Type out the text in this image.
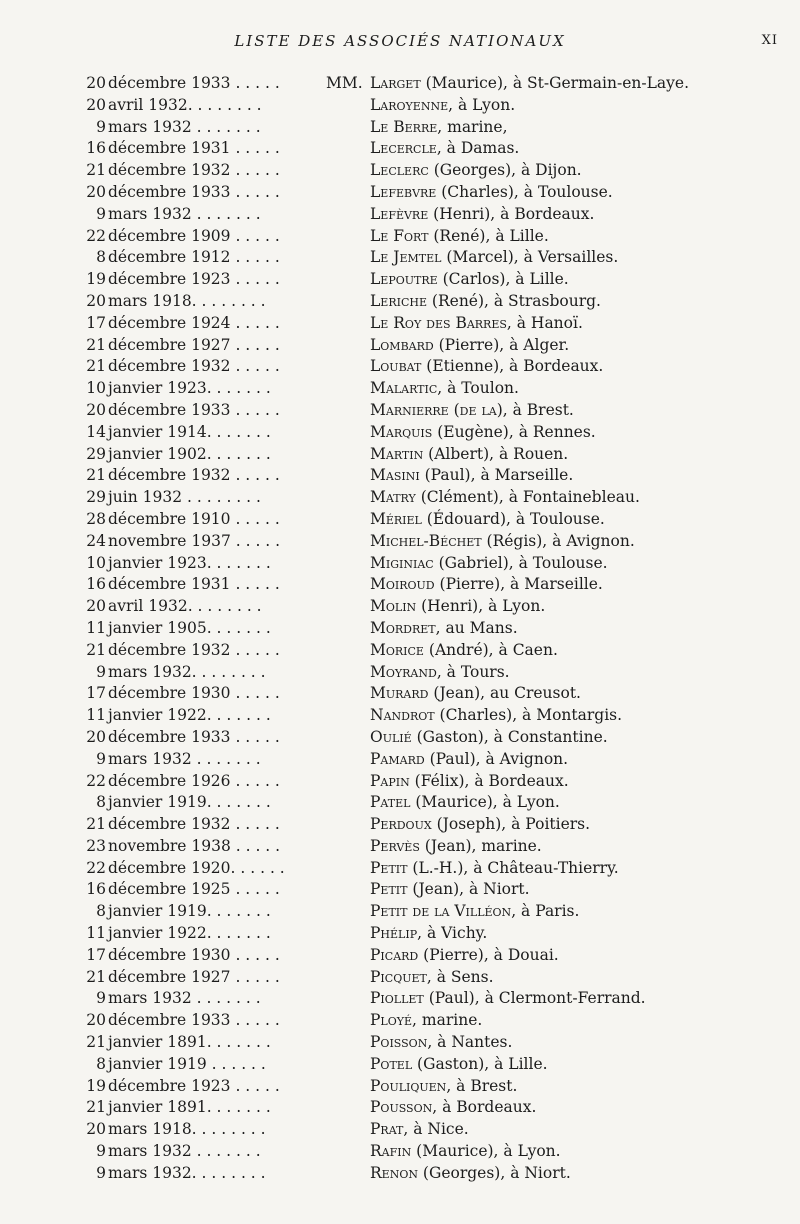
LISTE DES ASSOCIÉS NATIONAUX	XI
20 décembre 1933 . . . . .	MM. Larget (Maurice), à St-Germain-en-Laye.
20 avril 1932. . . . . . . .	Laroyenne, à Lyon.
9 mars 1932 . . . . . . .	Le Berre, marine,
16 décembre 1931 . . . . .	Lecercle, à Damas.
21 décembre 1932 . . . . .	Leclerc (Georges), à Dijon.
20 décembre 1933 . . . . .	Lefebvre (Charles), à Toulouse.
9 mars 1932 . . . . . . .	Lefèvre (Henri), à Bordeaux.
22 décembre 1909 . . . . .	Le Fort (René), à Lille.
8 décembre 1912 . . . . .	Le Jemtel (Marcel), à Versailles.
19 décembre 1923 . . . . .	Lepoutre (Carlos), à Lille.
20 mars 1918. . . . . . . .	Leriche (René), à Strasbourg.
17 décembre 1924 . . . . .	Le Roy des Barres, à Hanoï.
21 décembre 1927 . . . . .	Lombard (Pierre), à Alger.
21 décembre 1932 . . . . .	Loubat (Etienne), à Bordeaux.
10 janvier 1923. . . . . . .	Malartic, à Toulon.
20 décembre 1933 . . . . .	Marnierre (de la), à Brest.
14 janvier 1914. . . . . . .	Marquis (Eugène), à Rennes.
29 janvier 1902. . . . . . .	Martin (Albert), à Rouen.
21 décembre 1932 . . . . .	Masini (Paul), à Marseille.
29 juin 1932 . . . . . . . .	Matry (Clément), à Fontainebleau.
28 décembre 1910 . . . . .	Mériel (Édouard), à Toulouse.
24 novembre 1937 . . . . .	Michel-Béchet (Régis), à Avignon.
10 janvier 1923. . . . . . .	Miginiac (Gabriel), à Toulouse.
16 décembre 1931 . . . . .	Moiroud (Pierre), à Marseille.
20 avril 1932. . . . . . . .	Molin (Henri), à Lyon.
11 janvier 1905. . . . . . .	Mordret, au Mans.
21 décembre 1932 . . . . .	Morice (André), à Caen.
9 mars 1932. . . . . . . .	Moyrand, à Tours.
17 décembre 1930 . . . . .	Murard (Jean), au Creusot.
11 janvier 1922. . . . . . .	Nandrot (Charles), à Montargis.
20 décembre 1933 . . . . .	Oulié (Gaston), à Constantine.
9 mars 1932 . . . . . . .	Pamard (Paul), à Avignon.
22 décembre 1926 . . . . .	Papin (Félix), à Bordeaux.
8 janvier 1919. . . . . . .	Patel (Maurice), à Lyon.
21 décembre 1932 . . . . .	Perdoux (Joseph), à Poitiers.
23 novembre 1938 . . . . .	Pervès (Jean), marine.
22 décembre 1920. . . . . .	Petit (L.-H.), à Château-Thierry.
16 décembre 1925 . . . . .	Petit (Jean), à Niort.
8 janvier 1919. . . . . . .	Petit de la Villéon, à Paris.
11 janvier 1922. . . . . . .	Phélip, à Vichy.
17 décembre 1930 . . . . .	Picard (Pierre), à Douai.
21 décembre 1927 . . . . .	Picquet, à Sens.
9 mars 1932 . . . . . . .	Piollet (Paul), à Clermont-Ferrand.
20 décembre 1933 . . . . .	Ployé, marine.
21 janvier 1891. . . . . . .	Poisson, à Nantes.
8 janvier 1919 . . . . . .	Potel (Gaston), à Lille.
19 décembre 1923 . . . . .	Pouliquen, à Brest.
21 janvier 1891. . . . . . .	Pousson, à Bordeaux.
20 mars 1918. . . . . . . .	Prat, à Nice.
9 mars 1932 . . . . . . .	Rafin (Maurice), à Lyon.
9 mars 1932. . . . . . . .	Renon (Georges), à Niort.
